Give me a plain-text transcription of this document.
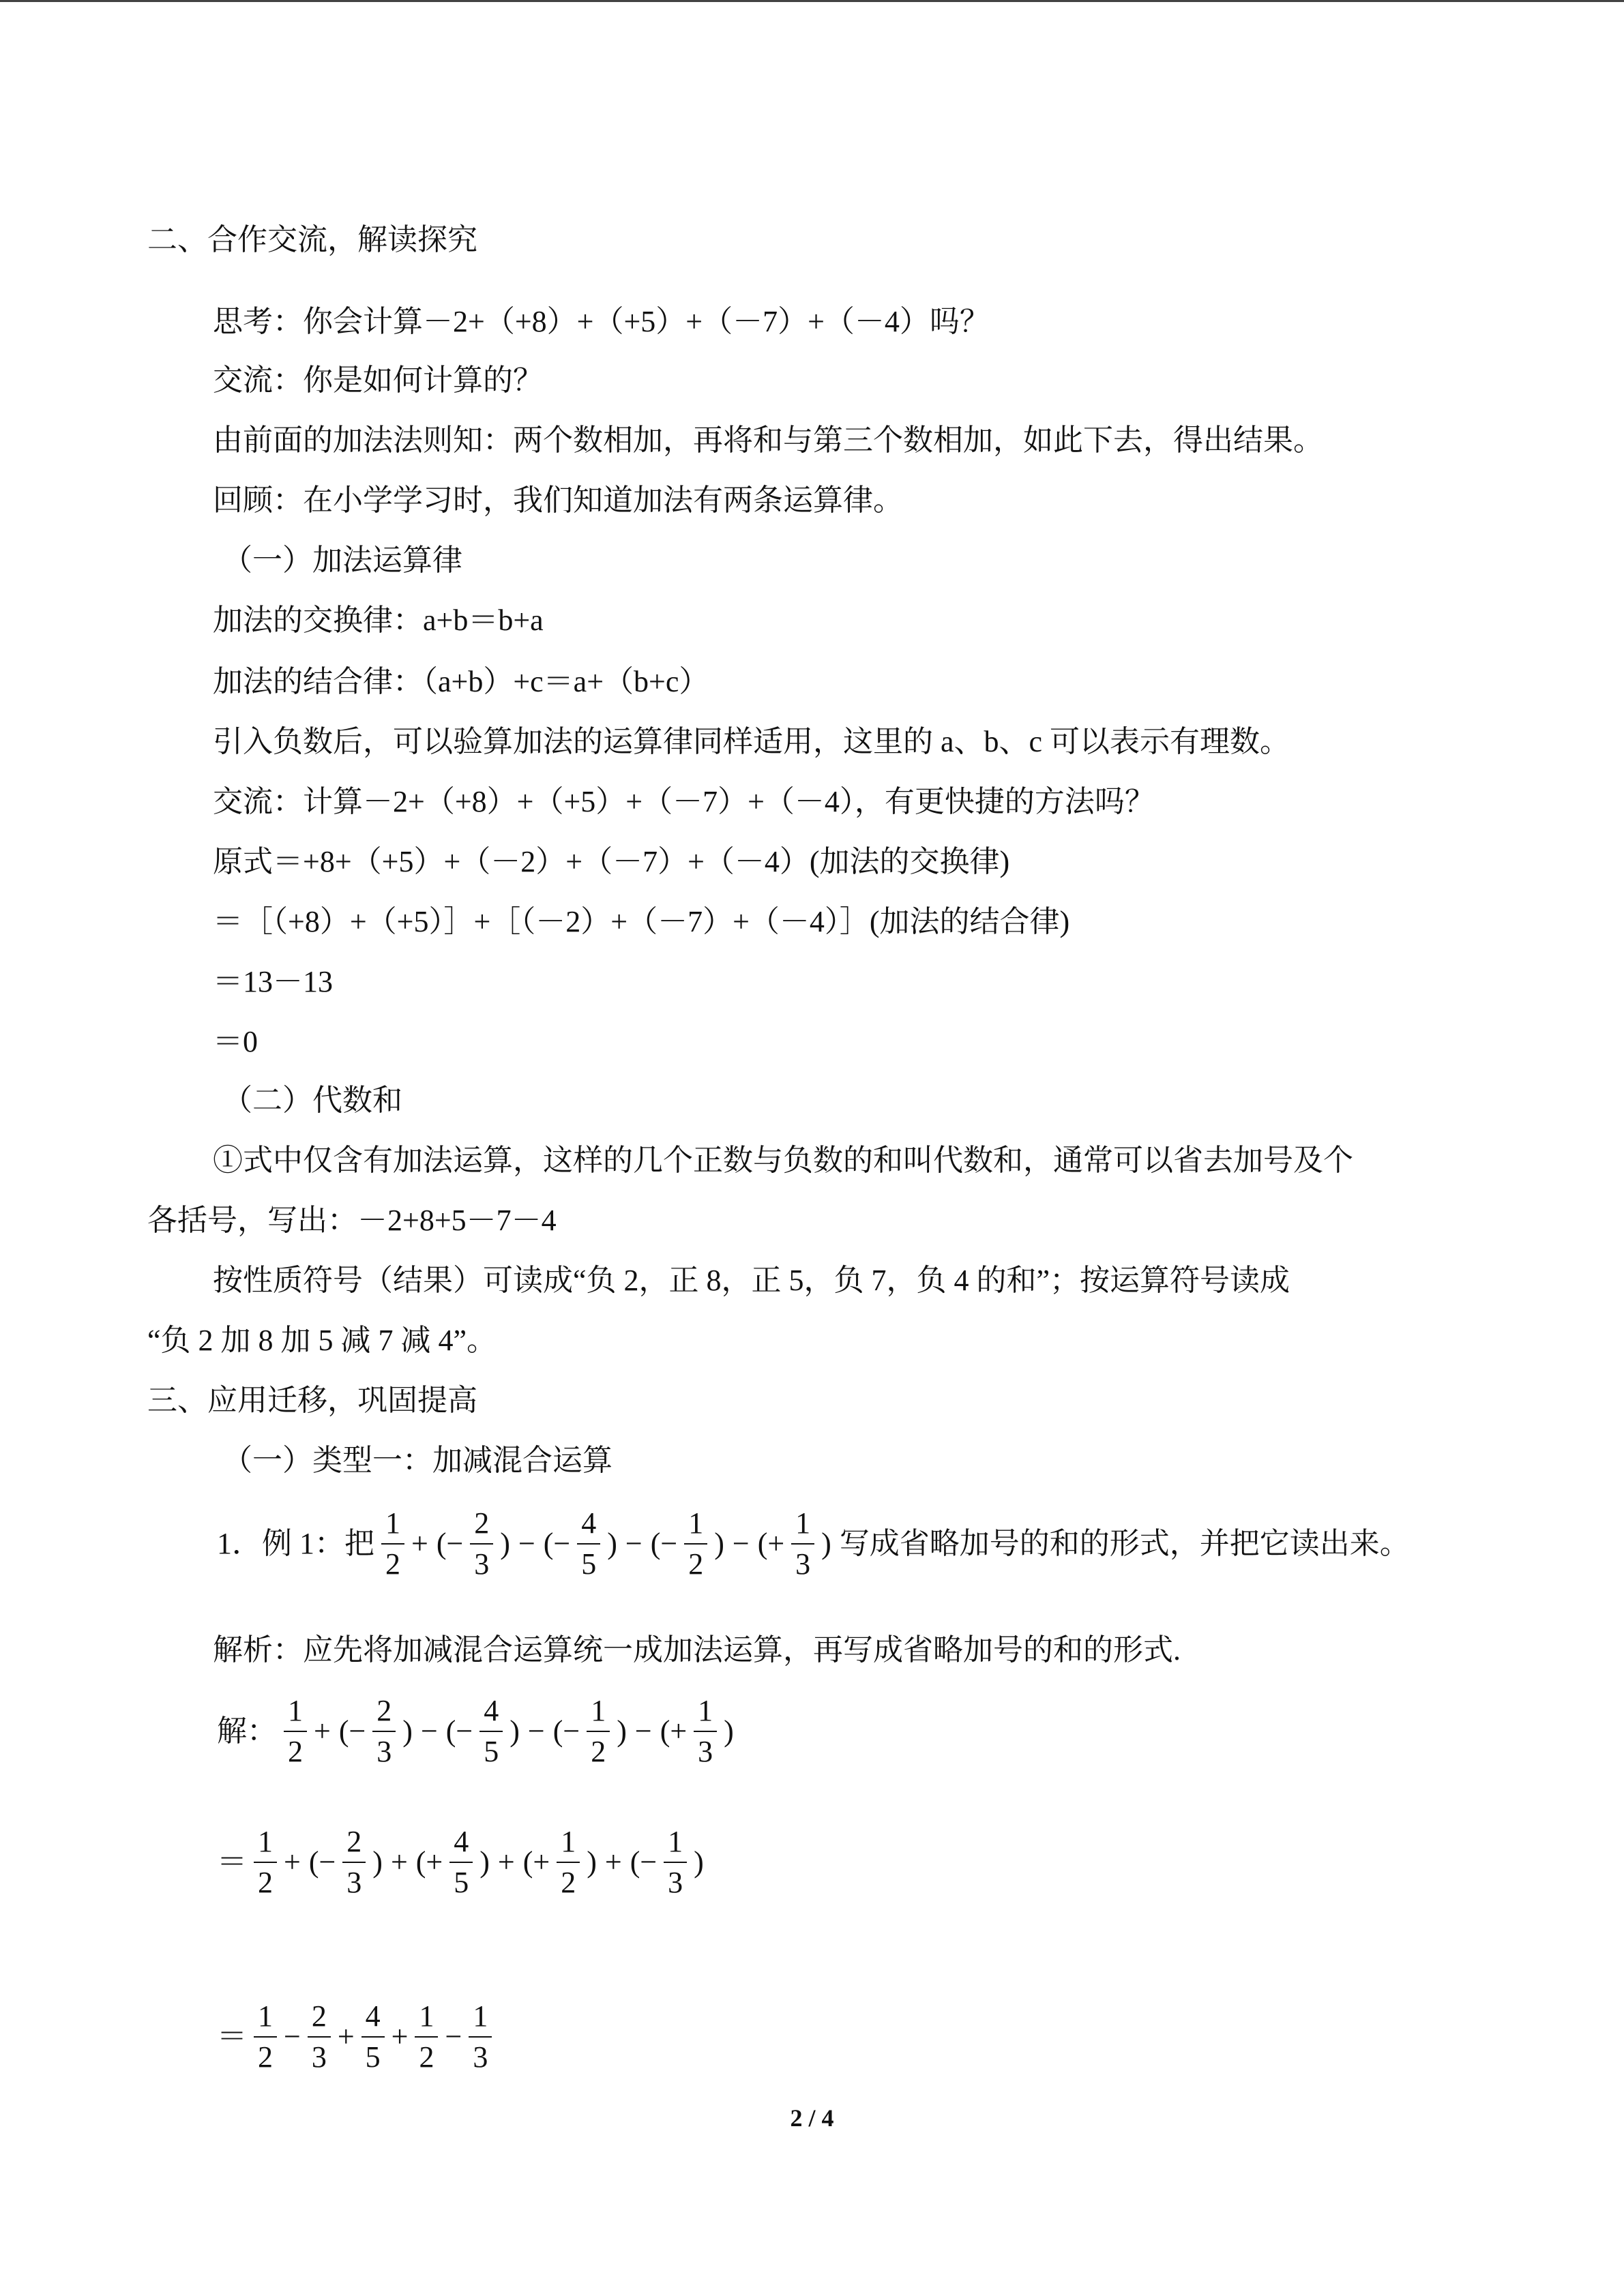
二、合作交流，解读探究
思考：你会计算－2+（+8）+（+5）+（－7）+（－4）吗？
交流：你是如何计算的？
由前面的加法法则知：两个数相加，再将和与第三个数相加，如此下去，得出结果。
回顾：在小学学习时，我们知道加法有两条运算律。
（一）加法运算律
加法的交换律：a+b＝b+a
加法的结合律：（a+b）+c＝a+（b+c）
引入负数后，可以验算加法的运算律同样适用，这里的 a、b、c 可以表示有理数。
交流：计算－2+（+8）+（+5）+（－7）+（－4），有更快捷的方法吗？
原式＝+8+（+5）+（－2）+（－7）+（－4）(加法的交换律)
＝［（+8）+（+5）］+［（－2）+（－7）+（－4）］(加法的结合律)
＝13－13
＝0
（二）代数和
①式中仅含有加法运算，这样的几个正数与负数的和叫代数和，通常可以省去加号及个
各括号，写出：－2+8+5－7－4
按性质符号（结果）可读成“负 2，正 8，正 5，负 7，负 4 的和”；按运算符号读成
“负 2 加 8 加 5 减 7 减 4”。
三、应用迁移，巩固提高
（一）类型一：加减混合运算
1．例 1：把 $\frac{1}{2}$ + (− $\frac{2}{3}$ ) − (− $\frac{4}{5}$ ) − (− $\frac{1}{2}$ ) − (+ $\frac{1}{3}$ ) 写成省略加号的和的形式，并把它读出来。
解析：应先将加减混合运算统一成加法运算，再写成省略加号的和的形式.
解： $\frac{1}{2}$ + (− $\frac{2}{3}$ ) − (− $\frac{4}{5}$ ) − (− $\frac{1}{2}$ ) − (+ $\frac{1}{3}$ )
＝ $\frac{1}{2}$ + (− $\frac{2}{3}$ ) + (+ $\frac{4}{5}$ ) + (+ $\frac{1}{2}$ ) + (− $\frac{1}{3}$ )
＝ $\frac{1}{2} - \frac{2}{3} + \frac{4}{5} + \frac{1}{2} - \frac{1}{3}$
2 / 4
